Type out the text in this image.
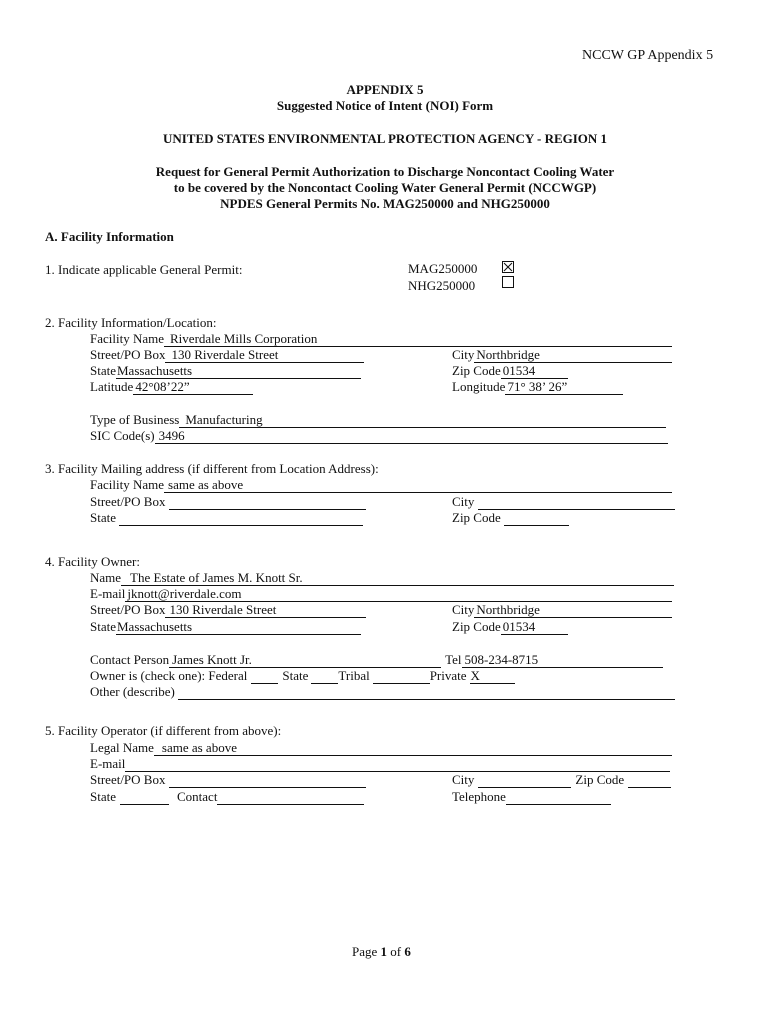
NCCW GP Appendix 5
APPENDIX 5
Suggested Notice of Intent (NOI) Form
UNITED STATES ENVIRONMENTAL PROTECTION AGENCY - REGION 1
Request for General Permit Authorization to Discharge Noncontact Cooling Water
to be covered by the Noncontact Cooling Water General Permit (NCCWGP)
NPDES General Permits No. MAG250000 and NHG250000
A. Facility Information
1. Indicate applicable General Permit:	MAG250000
NHG250000
2. Facility Information/Location:
Facility Name Riverdale Mills Corporation
Street/PO Box 130 Riverdale Street	City Northbridge
State Massachusetts	Zip Code 01534
Latitude 42°08’22”	Longitude 71° 38’ 26”
Type of Business Manufacturing
SIC Code(s) 3496
3. Facility Mailing address (if different from Location Address):
Facility Name same as above
Street/PO Box	City
State	Zip Code
4. Facility Owner:
Name The Estate of James M. Knott Sr.
E-mail jknott@riverdale.com
Street/PO Box 130 Riverdale Street	City Northbridge
State Massachusetts	Zip Code 01534
Contact Person James Knott Jr.	Tel 508-234-8715
Owner is (check one): Federal	State Tribal	Private X
Other (describe)
5. Facility Operator (if different from above):
Legal Name same as above
E-mail
Street/PO Box	City	Zip Code
State	Contact	Telephone
Page 1 of 6
